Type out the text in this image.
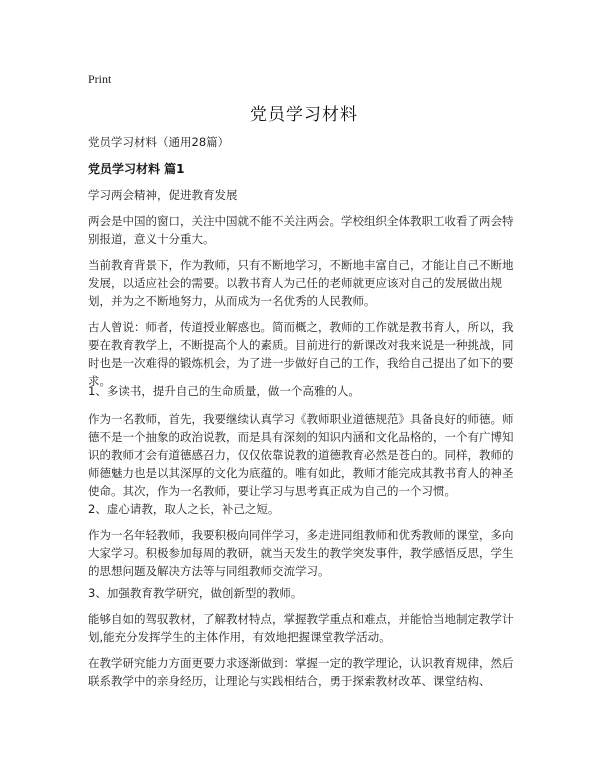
Print
党员学习材料
党员学习材料（通用28篇）
党员学习材料 篇1

学习两会精神，促进教育发展

两会是中国的窗口，关注中国就不能不关注两会。学校组织全体教职工收看了两会特别报道，意义十分重大。

当前教育背景下，作为教师，只有不断地学习，不断地丰富自己，才能让自己不断地发展，以适应社会的需要。以教书育人为己任的老师就更应该对自己的发展做出规划，并为之不断地努力，从而成为一名优秀的人民教师。

古人曾说：师者，传道授业解惑也。简而概之，教师的工作就是教书育人，所以，我要在教育教学上，不断提高个人的素质。目前进行的新课改对我来说是一种挑战，同时也是一次难得的锻炼机会，为了进一步做好自己的工作，我给自己提出了如下的要求。

1、多读书，提升自己的生命质量，做一个高雅的人。

作为一名教师，首先，我要继续认真学习《教师职业道德规范》具备良好的师德。师德不是一个抽象的政治说教，而是具有深刻的知识内涵和文化品格的，一个有广博知识的教师才会有道德感召力，仅仅依靠说教的道德教育必然是苍白的。同样，教师的师德魅力也是以其深厚的文化为底蕴的。唯有如此，教师才能完成其教书育人的神圣使命。其次，作为一名教师，要让学习与思考真正成为自己的一个习惯。

2、虚心请教，取人之长，补己之短。

作为一名年轻教师，我要积极向同伴学习，多走进同组教师和优秀教师的课堂，多向大家学习。积极参加每周的教研，就当天发生的教学突发事件，教学感悟反思，学生的思想问题及解决方法等与同组教师交流学习。

3、加强教育教学研究，做创新型的教师。

能够自如的驾驭教材，了解教材特点，掌握教学重点和难点，并能恰当地制定教学计划,能充分发挥学生的主体作用，有效地把握课堂教学活动。

在教学研究能力方面更要力求逐渐做到：掌握一定的教学理论，认识教育规律，然后联系教学中的亲身经历，让理论与实践相结合，勇于探索教材改革、课堂结构、
